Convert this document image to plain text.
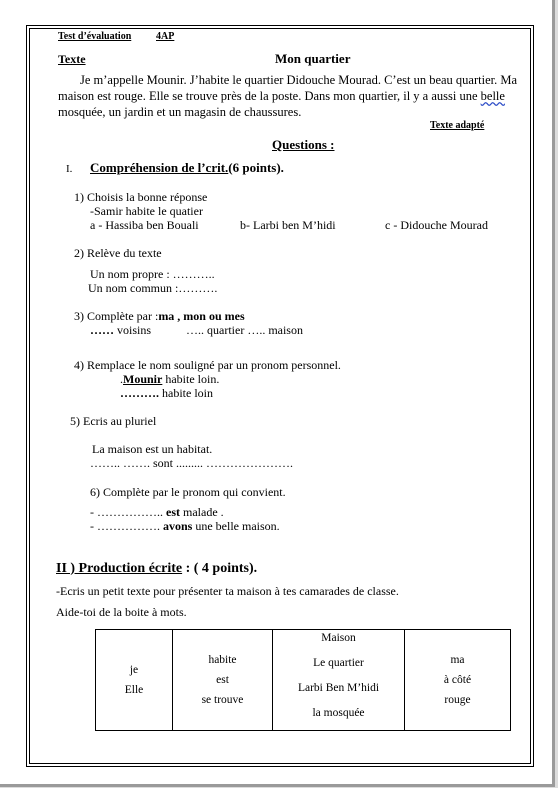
Test d’évaluation	4AP
Texte	Mon quartier
Je m’appelle Mounir. J’habite le quartier Didouche Mourad. C’est un beau quartier. Ma maison est rouge. Elle se trouve près de la poste. Dans mon quartier, il y a aussi une belle mosquée, un jardin et un magasin de chaussures.
Texte adapté
Questions :
I. Compréhension de l’crit.(6 points).
1) Choisis la bonne réponse
-Samir habite le quatier
a - Hassiba ben Bouali	b- Larbi ben M’hidi	c - Didouche Mourad
2) Relève du texte
Un nom propre : ………..
Un nom commun :……….
3) Complète par :ma , mon ou mes
…… voisins	….. quartier ….. maison
4) Remplace le nom souligné par un pronom personnel.
.Mounir habite loin.
………. habite loin
5) Ecris au pluriel
La maison est un habitat.
…….. ……. sont ......... ………………….
6) Complète par le pronom qui convient.
- …………….. est malade .
- ……………. avons une belle maison.
II ) Production écrite : ( 4 points).
-Ecris un petit texte pour présenter ta maison à tes camarades de classe.
Aide-toi de la boite à mots.
je
Elle

habite
est
se trouve

Maison
Le quartier
Larbi Ben M’hidi
la mosquée

ma
à côté
rouge
